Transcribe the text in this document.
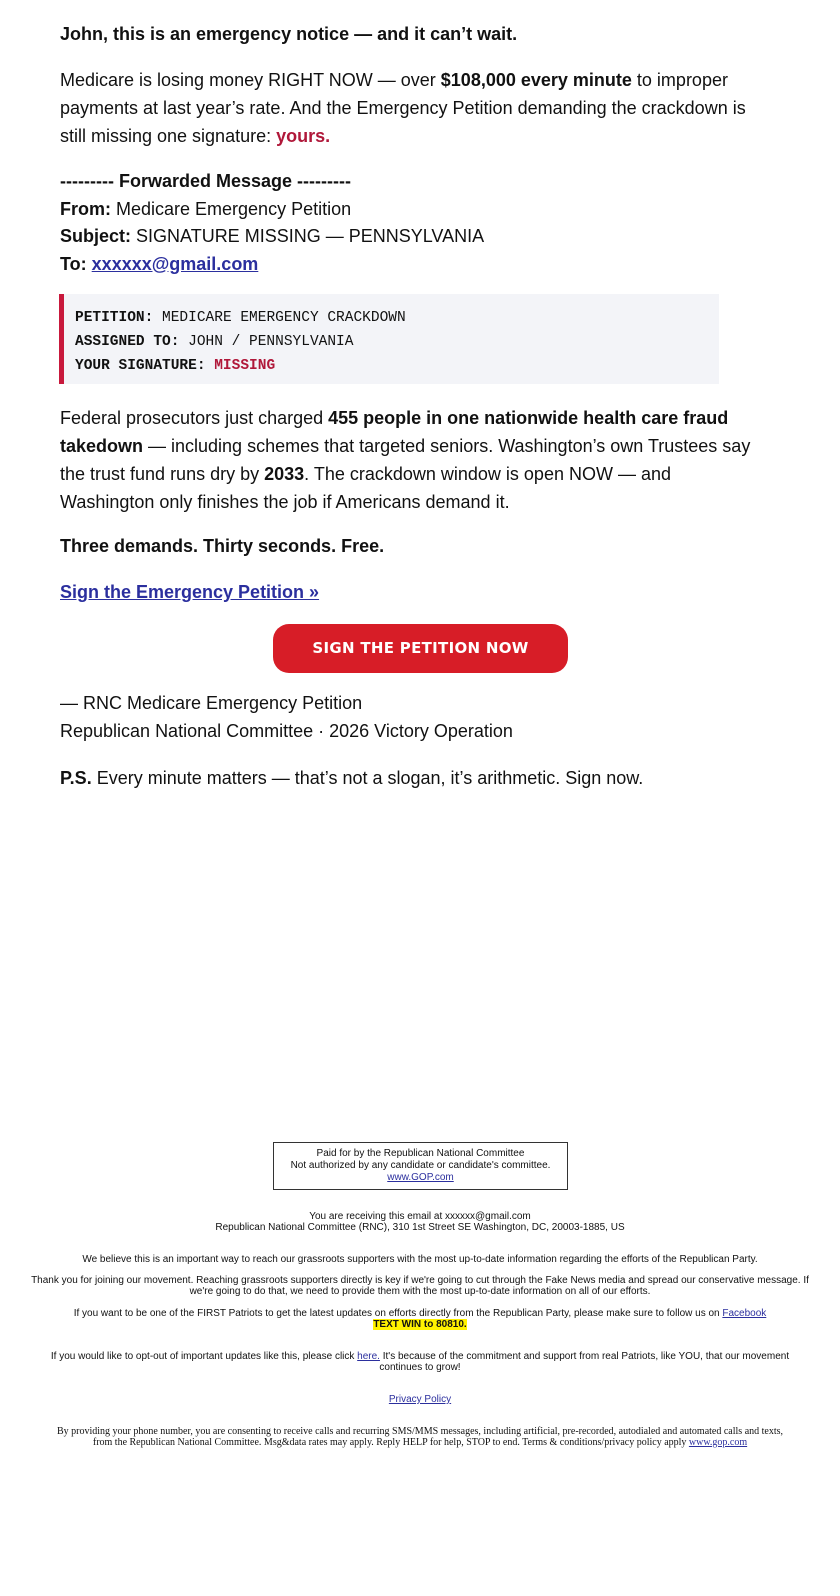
John, this is an emergency notice — and it can’t wait.

Medicare is losing money RIGHT NOW — over $108,000 every minute to improper

payments at last year’s rate. And the Emergency Petition demanding the crackdown is

still missing one signature: yours.

--------- Forwarded Message ---------
From: Medicare Emergency Petition
Subject: SIGNATURE MISSING — PENNSYLVANIA
To: xxxxxx@gmail.com
PETITION: MEDICARE EMERGENCY CRACKDOWN
ASSIGNED TO: JOHN / PENNSYLVANIA
YOUR SIGNATURE: MISSING

Federal prosecutors just charged 455 people in one nationwide health care fraud

takedown — including schemes that targeted seniors. Washington’s own Trustees say

the trust fund runs dry by 2033. The crackdown window is open NOW — and

Washington only finishes the job if Americans demand it.

Three demands. Thirty seconds. Free.

Sign the Emergency Petition »
SIGN THE PETITION NOW
— RNC Medicare Emergency Petition
Republican National Committee · 2026 Victory Operation

P.S. Every minute matters — that’s not a slogan, it’s arithmetic. Sign now.

Paid for by the Republican National Committee
Not authorized by any candidate or candidate's committee.
www.GOP.com
You are receiving this email at xxxxxx@gmail.com
Republican National Committee (RNC), 310 1st Street SE Washington, DC, 20003-1885, US
We believe this is an important way to reach our grassroots supporters with the most up-to-date information regarding the efforts of the Republican Party.
Thank you for joining our movement. Reaching grassroots supporters directly is key if we're going to cut through the Fake News media and spread our conservative message. If
we're going to do that, we need to provide them with the most up-to-date information on all of our efforts.
If you want to be one of the FIRST Patriots to get the latest updates on efforts directly from the Republican Party, please make sure to follow us on Facebook
TEXT WIN to 80810.
If you would like to opt-out of important updates like this, please click here. It's because of the commitment and support from real Patriots, like YOU, that our movement
continues to grow!
Privacy Policy
By providing your phone number, you are consenting to receive calls and recurring SMS/MMS messages, including artificial, pre-recorded, autodialed and automated calls and texts,
from the Republican National Committee. Msg&data rates may apply. Reply HELP for help, STOP to end. Terms & conditions/privacy policy apply www.gop.com
